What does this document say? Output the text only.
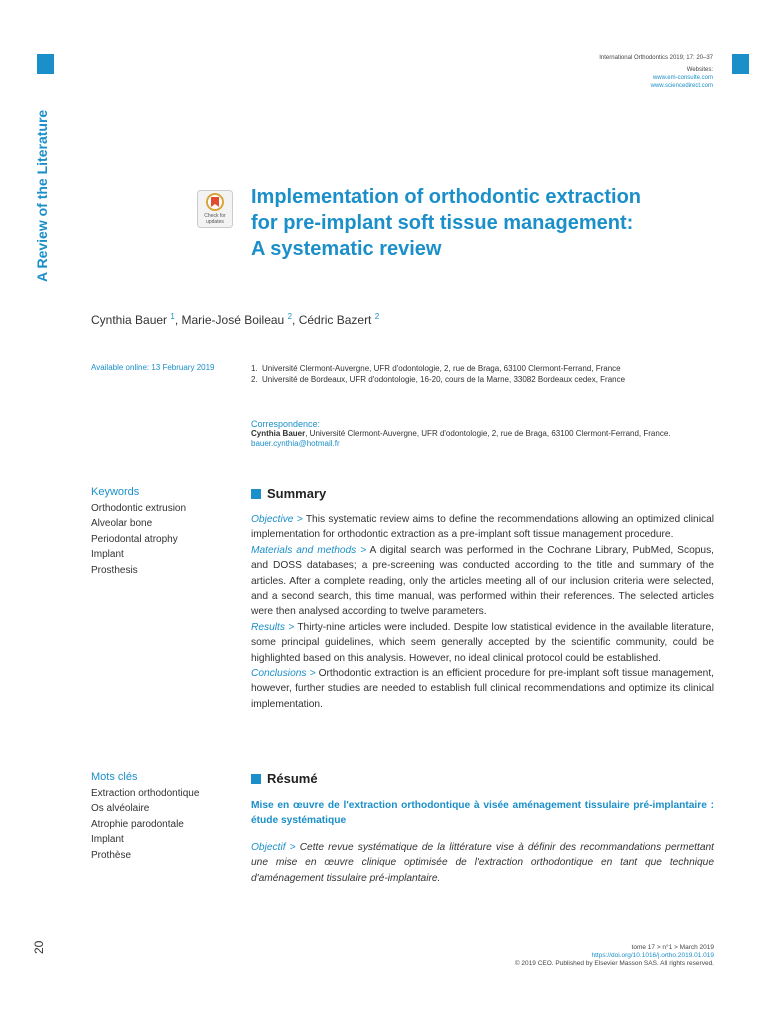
A Review of the Literature
20
International Orthodontics 2019; 17: 20–37
Websites:
www.em-consulte.com
www.sciencedirect.com
Check for
updates
Implementation of orthodontic extraction
for pre-implant soft tissue management:
A systematic review
Cynthia Bauer $^1$, Marie-José Boileau $^2$, Cédric Bazert $^2$
Available online: 13 February 2019	1. Université Clermont-Auvergne, UFR d'odontologie, 2, rue de Braga, 63100 Clermont-Ferrand, France
2. Université de Bordeaux, UFR d'odontologie, 16-20, cours de la Marne, 33082 Bordeaux cedex, France
Correspondence:
Cynthia Bauer, Université Clermont-Auvergne, UFR d'odontologie, 2, rue de Braga, 63100 Clermont-Ferrand, France.
bauer.cynthia@hotmail.fr
Keywords
Orthodontic extrusion
Alveolar bone
Periodontal atrophy
Implant
Prosthesis
Summary

Objective > This systematic review aims to define the recommendations allowing an optimized clinical implementation for orthodontic extraction as a pre-implant soft tissue management procedure.

Materials and methods > A digital search was performed in the Cochrane Library, PubMed, Scopus, and DOSS databases; a pre-screening was conducted according to the title and summary of the articles. After a complete reading, only the articles meeting all of our inclusion criteria were selected, and a second search, this time manual, was performed within their references. The selected articles were then analysed according to twelve parameters.

Results > Thirty-nine articles were included. Despite low statistical evidence in the available literature, some principal guidelines, which seem generally accepted by the scientific community, could be highlighted based on this analysis. However, no ideal clinical protocol could be established.

Conclusions > Orthodontic extraction is an efficient procedure for pre-implant soft tissue management, however, further studies are needed to establish full clinical recommendations and optimize its clinical implementation.

Mots clés
Extraction orthodontique
Os alvéolaire
Atrophie parodontale
Implant
Prothèse
Résumé

Mise en œuvre de l'extraction orthodontique à visée aménagement tissulaire pré-implantaire : étude systématique

Objectif > Cette revue systématique de la littérature vise à définir des recommandations permettant une mise en œuvre clinique optimisée de l'extraction orthodontique en tant que technique d'aménagement tissulaire pré-implantaire.

tome 17 > n°1 > March 2019
https://doi.org/10.1016/j.ortho.2019.01.019
© 2019 CEO. Published by Elsevier Masson SAS. All rights reserved.
